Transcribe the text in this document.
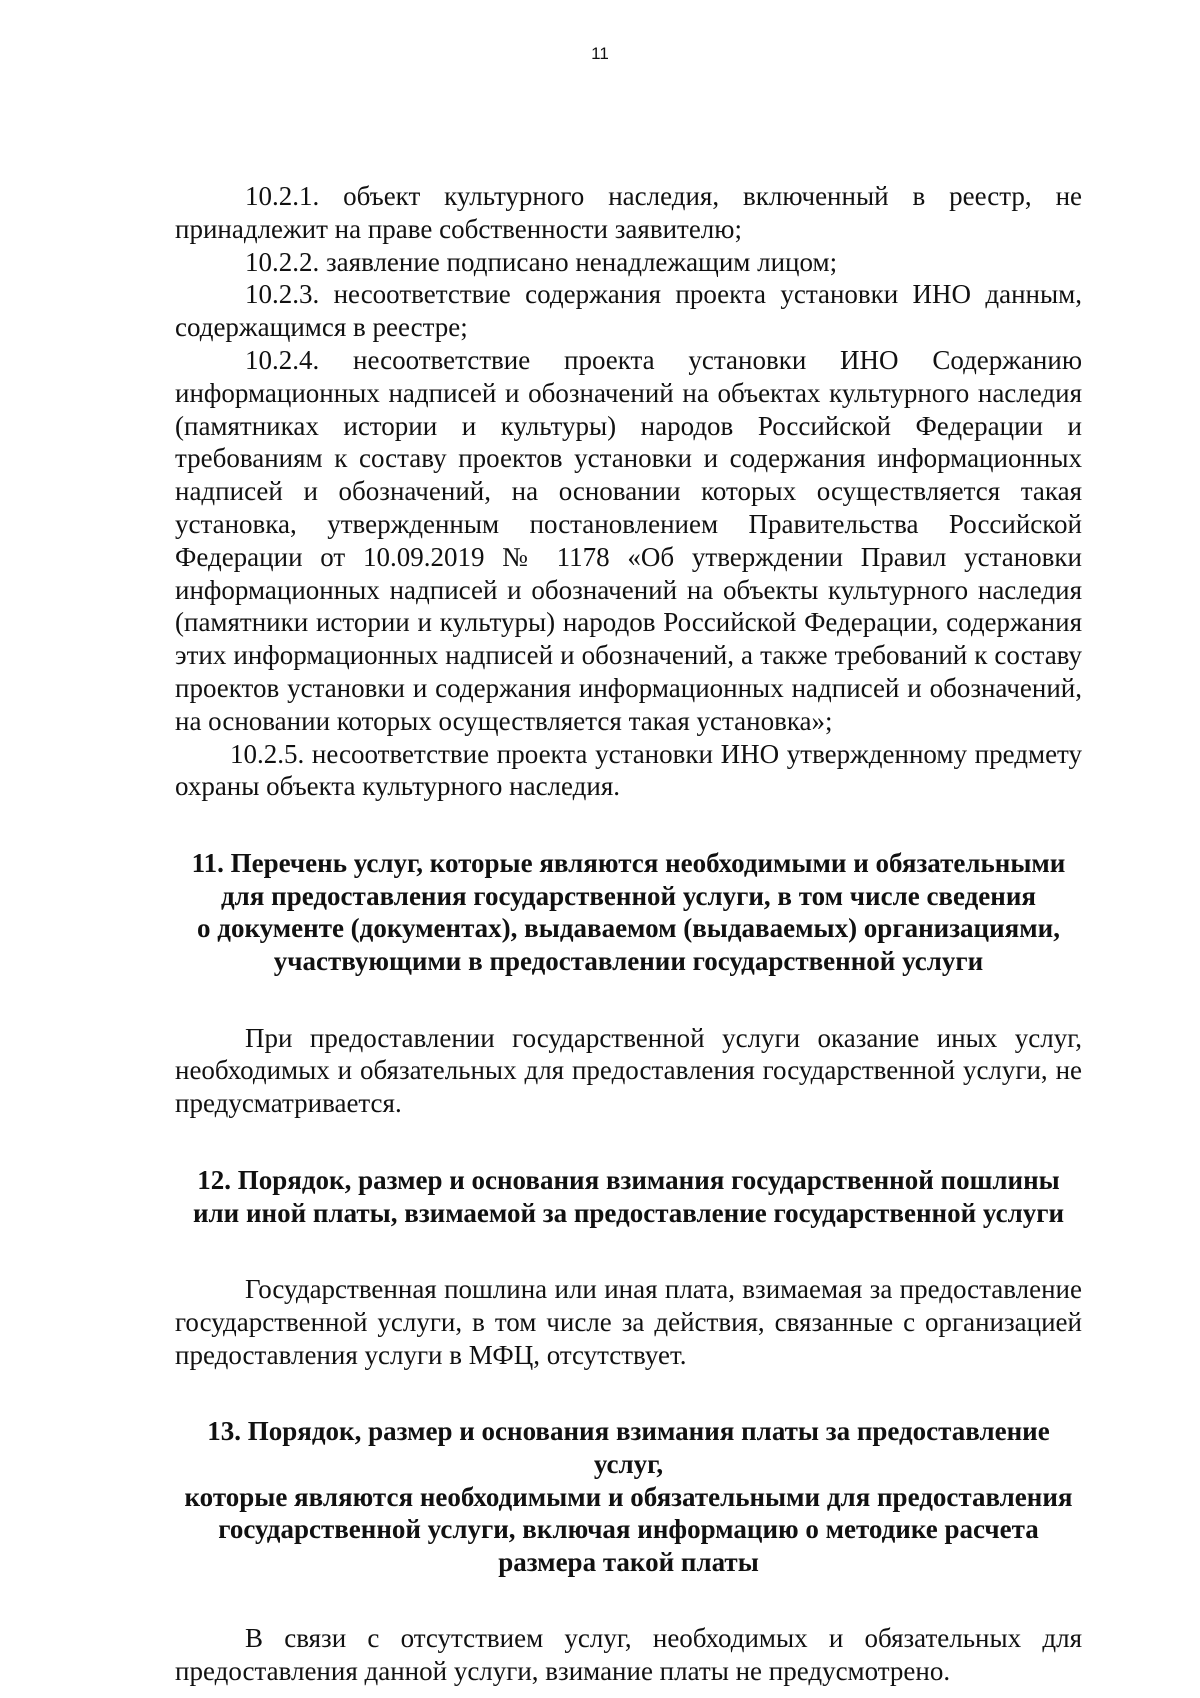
11

10.2.1. объект культурного наследия, включенный в реестр, не принадлежит на праве собственности заявителю;

10.2.2. заявление подписано ненадлежащим лицом;

10.2.3. несоответствие содержания проекта установки ИНО данным, содержащимся в реестре;

10.2.4. несоответствие проекта установки ИНО Содержанию информационных надписей и обозначений на объектах культурного наследия (памятниках истории и культуры) народов Российской Федерации и требованиям к составу проектов установки и содержания информационных надписей и обозначений, на основании которых осуществляется такая установка, утвержденным постановлением Правительства Российской Федерации от 10.09.2019 № 1178 «Об утверждении Правил установки информационных надписей и обозначений на объекты культурного наследия (памятники истории и культуры) народов Российской Федерации, содержания этих информационных надписей и обозначений, а также требований к составу проектов установки и содержания информационных надписей и обозначений, на основании которых осуществляется такая установка»;

10.2.5. несоответствие проекта установки ИНО утвержденному предмету охраны объекта культурного наследия.

11. Перечень услуг, которые являются необходимыми и обязательными
для предоставления государственной услуги, в том числе сведения
о документе (документах), выдаваемом (выдаваемых) организациями,
участвующими в предоставлении государственной услуги

При предоставлении государственной услуги оказание иных услуг, необходимых и обязательных для предоставления государственной услуги, не предусматривается.

12. Порядок, размер и основания взимания государственной пошлины
или иной платы, взимаемой за предоставление государственной услуги

Государственная пошлина или иная плата, взимаемая за предоставление государственной услуги, в том числе за действия, связанные с организацией предоставления услуги в МФЦ, отсутствует.

13. Порядок, размер и основания взимания платы за предоставление услуг,
которые являются необходимыми и обязательными для предоставления
государственной услуги, включая информацию о методике расчета
размера такой платы

В связи с отсутствием услуг, необходимых и обязательных для предоставления данной услуги, взимание платы не предусмотрено.
